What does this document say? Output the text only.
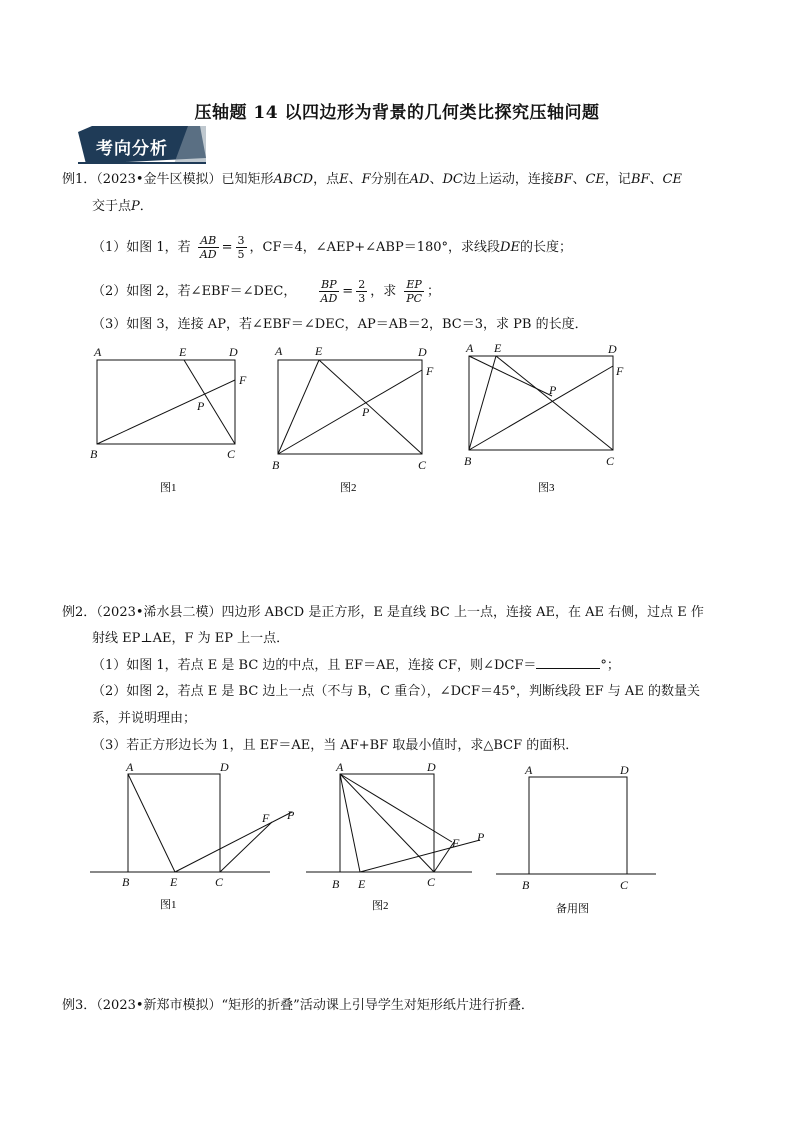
压轴题 14 以四边形为背景的几何类比探究压轴问题
考向分析
例1．（2023•金牛区模拟）已知矩形ABCD，点E、F分别在AD、DC边上运动，连接BF、CE，记BF、CE
交于点P．
（1）如图 1，若 $\frac{AB}{AD} = \frac{3}{5}$ ，CF＝4，∠AEP+∠ABP＝180°，求线段DE的长度；
（2）如图 2，若∠EBF＝∠DEC， $\frac{BP}{AD} = \frac{2}{3}$ ，求 $\frac{EP}{PC}$ ；
（3）如图 3，连接 AP，若∠EBF＝∠DEC，AP＝AB＝2，BC＝3，求 PB 的长度．
A	E	D
F
P
B	C
图1
A	E	D
F
P
B	C
图2
A E	D
F
P
B	C
图3
例2．（2023•浠水县二模）四边形 ABCD 是正方形，E 是直线 BC 上一点，连接 AE，在 AE 右侧，过点 E 作
射线 EP⊥AE，F 为 EP 上一点．
（1）如图 1，若点 E 是 BC 边的中点，且 EF＝AE，连接 CF，则∠DCF＝	°；
（2）如图 2，若点 E 是 BC 边上一点（不与 B，C 重合），∠DCF＝45°，判断线段 EF 与 AE 的数量关
系，并说明理由；
（3）若正方形边长为 1，且 EF＝AE，当 AF+BF 取最小值时，求△BCF 的面积．
A	D
F P
B	E	C
图1
A	D
F P
B E	C
图2
A	D
B	C
备用图
例3．（2023•新郑市模拟）“矩形的折叠”活动课上引导学生对矩形纸片进行折叠．
